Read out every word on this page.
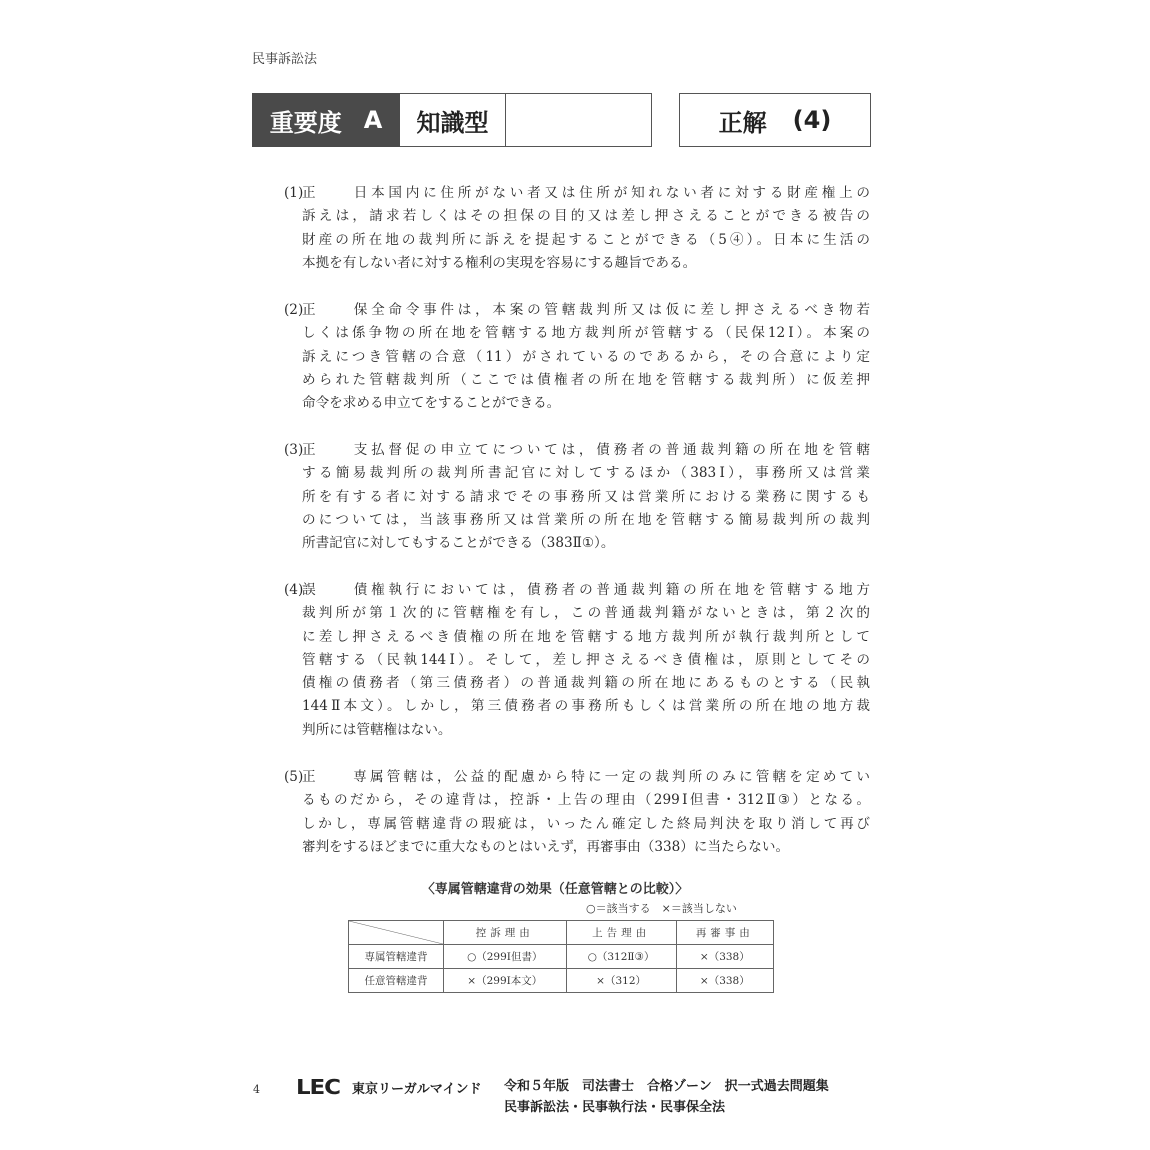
民事訴訟法
重要度 A 知識型	正解 (4)
(1)正	日本国内に住所がない者又は住所が知れない者に対する財産権上の
訴えは，請求若しくはその担保の目的又は差し押さえることができる被告の
財産の所在地の裁判所に訴えを提起することができる（5④）。日本に生活の
本拠を有しない者に対する権利の実現を容易にする趣旨である。
(2)正	保全命令事件は，本案の管轄裁判所又は仮に差し押さえるべき物若
しくは係争物の所在地を管轄する地方裁判所が管轄する（民保12Ⅰ）。本案の
訴えにつき管轄の合意（11）がされているのであるから，その合意により定
められた管轄裁判所（ここでは債権者の所在地を管轄する裁判所）に仮差押
命令を求める申立てをすることができる。
(3)正	支払督促の申立てについては，債務者の普通裁判籍の所在地を管轄
する簡易裁判所の裁判所書記官に対してするほか（383Ⅰ），事務所又は営業
所を有する者に対する請求でその事務所又は営業所における業務に関するも
のについては，当該事務所又は営業所の所在地を管轄する簡易裁判所の裁判
所書記官に対してもすることができる（383Ⅱ①）。
(4)誤	債権執行においては，債務者の普通裁判籍の所在地を管轄する地方
裁判所が第１次的に管轄権を有し，この普通裁判籍がないときは，第２次的
に差し押さえるべき債権の所在地を管轄する地方裁判所が執行裁判所として
管轄する（民執144Ⅰ）。そして，差し押さえるべき債権は，原則としてその
債権の債務者（第三債務者）の普通裁判籍の所在地にあるものとする（民執
144Ⅱ本文）。しかし，第三債務者の事務所もしくは営業所の所在地の地方裁
判所には管轄権はない。
(5)正	専属管轄は，公益的配慮から特に一定の裁判所のみに管轄を定めてい
るものだから，その違背は，控訴・上告の理由（299Ⅰ但書・312Ⅱ③）となる。
しかし，専属管轄違背の瑕疵は，いったん確定した終局判決を取り消して再び
審判をするほどまでに重大なものとはいえず，再審事由（338）に当たらない。
〈専属管轄違背の効果（任意管轄との比較）〉
○＝該当する　×＝該当しない
	控訴理由	上告理由	再審事由
専属管轄違背	○（299Ⅰ但書）	○（312Ⅱ③）	×（338）
任意管轄違背	×（299Ⅰ本文）	×（312）	×（338）
4 LEC 東京リーガルマインド 令和５年版　司法書士　合格ゾーン　択一式過去問題集
民事訴訟法・民事執行法・民事保全法
